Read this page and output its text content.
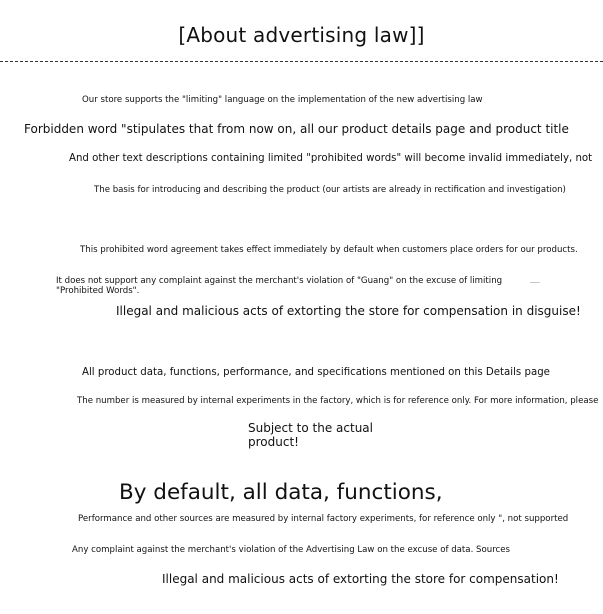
[About advertising law]]

Our store supports the "limiting" language on the implementation of the new advertising law

Forbidden word "stipulates that from now on, all our product details page and product title

And other text descriptions containing limited "prohibited words" will become invalid immediately, not

The basis for introducing and describing the product (our artists are already in rectification and investigation)

This prohibited word agreement takes effect immediately by default when customers place orders for our products.

It does not support any complaint against the merchant's violation of "Guang" on the excuse of limiting "Prohibited Words".

Illegal and malicious acts of extorting the store for compensation in disguise!

All product data, functions, performance, and specifications mentioned on this Details page

The number is measured by internal experiments in the factory, which is for reference only. For more information, please

Subject to the actual product!

By default, all data, functions,

Performance and other sources are measured by internal factory experiments, for reference only ", not supported

Any complaint against the merchant's violation of the Advertising Law on the excuse of data. Sources

Illegal and malicious acts of extorting the store for compensation!
